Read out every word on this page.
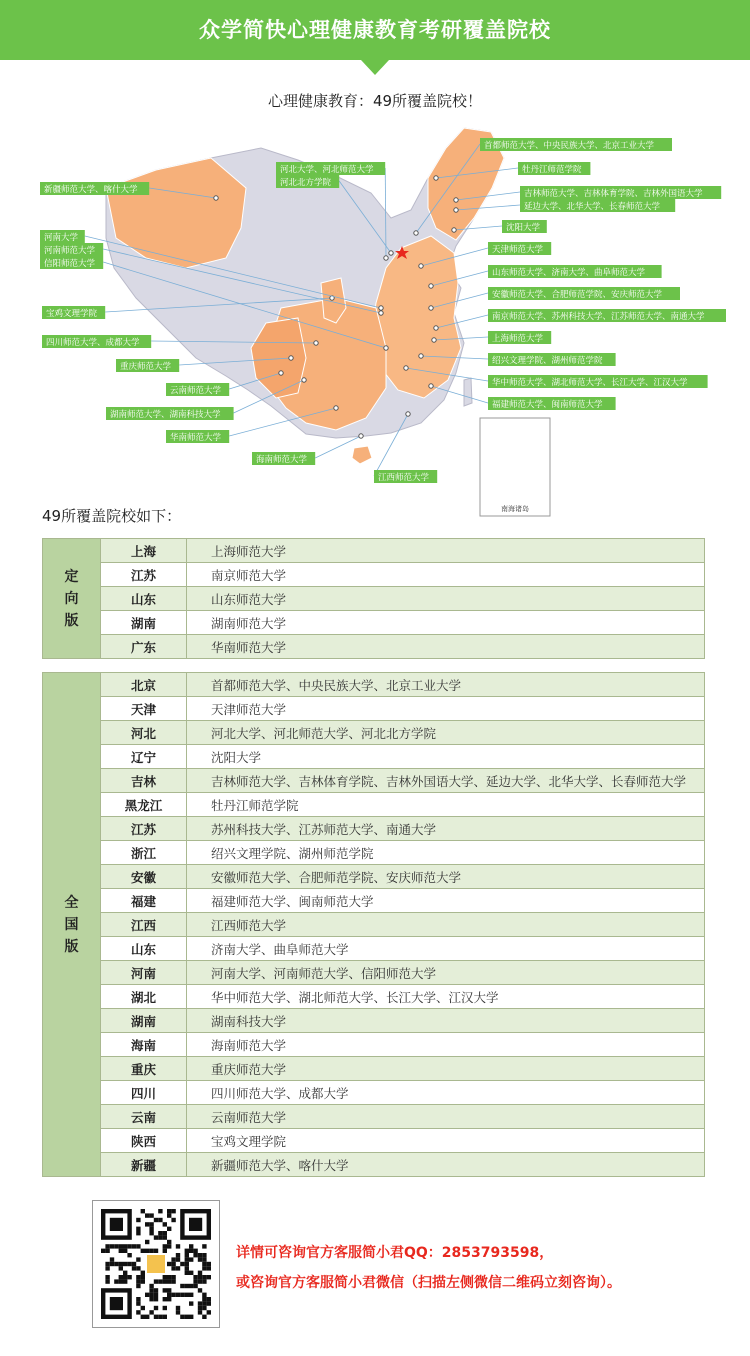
众学简快心理健康教育考研覆盖院校
心理健康教育：49所覆盖院校！
南海诸岛
首都师范大学、中央民族大学、北京工业大学
牡丹江师范学院
吉林师范大学、吉林体育学院、吉林外国语大学
延边大学、北华大学、长春师范大学
沈阳大学
天津师范大学
山东师范大学、济南大学、曲阜师范大学
安徽师范大学、合肥师范学院、安庆师范大学
南京师范大学、苏州科技大学、江苏师范大学、南通大学
上海师范大学
绍兴文理学院、湖州师范学院
华中师范大学、湖北师范大学、长江大学、江汉大学
福建师范大学、闽南师范大学
江西师范大学
海南师范大学
华南师范大学
湖南师范大学、湖南科技大学
云南师范大学
重庆师范大学
四川师范大学、成都大学
宝鸡文理学院
河南大学
河南师范大学
信阳师范大学
新疆师范大学、喀什大学
河北大学、河北师范大学
河北北方学院
49所覆盖院校如下：
定
向
版	上海	上海师范大学
	江苏	南京师范大学
	山东	山东师范大学
	湖南	湖南师范大学
	广东	华南师范大学
全
国
版	北京	首都师范大学、中央民族大学、北京工业大学
	天津	天津师范大学
	河北	河北大学、河北师范大学、河北北方学院
	辽宁	沈阳大学
	吉林	吉林师范大学、吉林体育学院、吉林外国语大学、延边大学、北华大学、长春师范大学
	黑龙江	牡丹江师范学院
	江苏	苏州科技大学、江苏师范大学、南通大学
	浙江	绍兴文理学院、湖州师范学院
	安徽	安徽师范大学、合肥师范学院、安庆师范大学
	福建	福建师范大学、闽南师范大学
	江西	江西师范大学
	山东	济南大学、曲阜师范大学
	河南	河南大学、河南师范大学、信阳师范大学
	湖北	华中师范大学、湖北师范大学、长江大学、江汉大学
	湖南	湖南科技大学
	海南	海南师范大学
	重庆	重庆师范大学
	四川	四川师范大学、成都大学
	云南	云南师范大学
	陕西	宝鸡文理学院
	新疆	新疆师范大学、喀什大学
详情可咨询官方客服简小君QQ：2853793598，
或咨询官方客服简小君微信（扫描左侧微信二维码立刻咨询）。
